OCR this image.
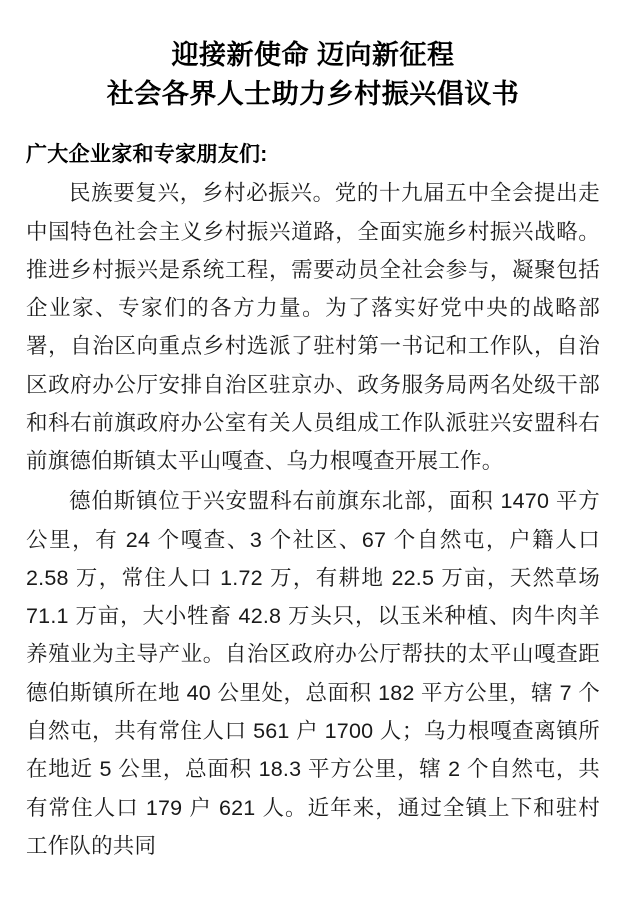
迎接新使命 迈向新征程
社会各界人士助力乡村振兴倡议书
广大企业家和专家朋友们:

民族要复兴，乡村必振兴。党的十九届五中全会提出走中国特色社会主义乡村振兴道路，全面实施乡村振兴战略。推进乡村振兴是系统工程，需要动员全社会参与，凝聚包括企业家、专家们的各方力量。为了落实好党中央的战略部署，自治区向重点乡村选派了驻村第一书记和工作队，自治区政府办公厅安排自治区驻京办、政务服务局两名处级干部和科右前旗政府办公室有关人员组成工作队派驻兴安盟科右前旗德伯斯镇太平山嘎查、乌力根嘎查开展工作。

德伯斯镇位于兴安盟科右前旗东北部，面积 1470 平方公里，有 24 个嘎查、3 个社区、67 个自然屯，户籍人口 2.58 万，常住人口 1.72 万，有耕地 22.5 万亩，天然草场 71.1 万亩，大小牲畜 42.8 万头只，以玉米种植、肉牛肉羊养殖业为主导产业。自治区政府办公厅帮扶的太平山嘎查距德伯斯镇所在地 40 公里处，总面积 182 平方公里，辖 7 个自然屯，共有常住人口 561 户 1700 人；乌力根嘎查离镇所在地近 5 公里，总面积 18.3 平方公里，辖 2 个自然屯，共有常住人口 179 户 621 人。近年来，通过全镇上下和驻村工作队的共同
